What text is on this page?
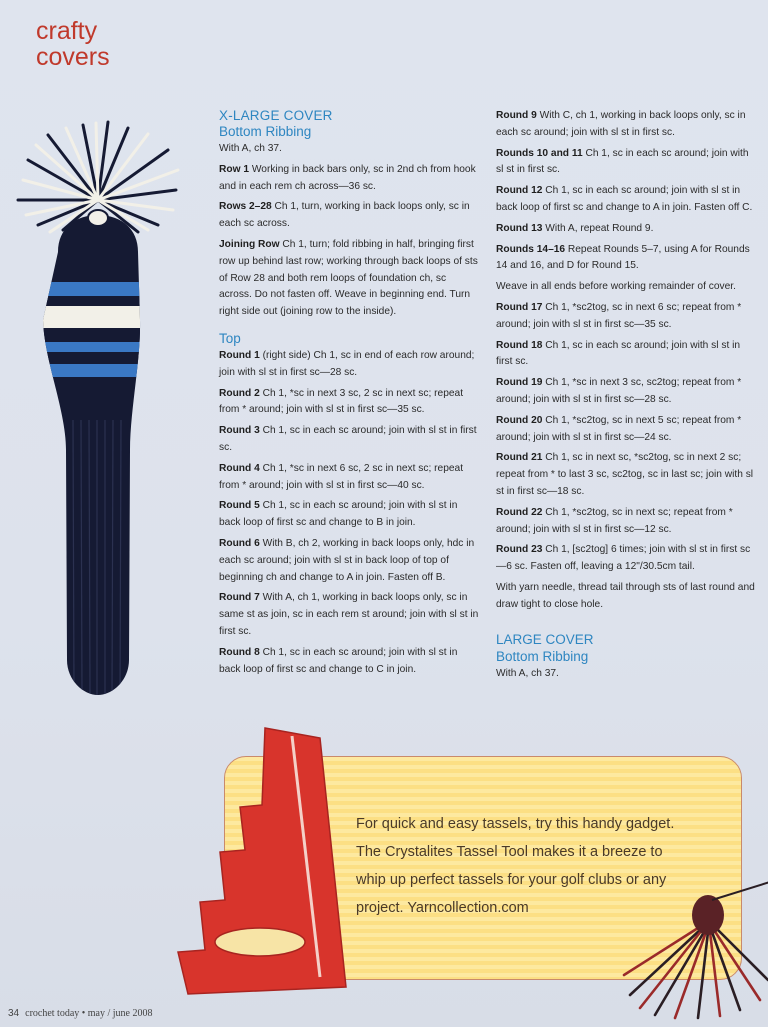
crafty
covers
X-LARGE COVER
Bottom Ribbing
With A, ch 37.
Row 1 Working in back bars only, sc in 2nd ch from hook and in each rem ch across—36 sc.
Rows 2–28 Ch 1, turn, working in back loops only, sc in each sc across.
Joining Row Ch 1, turn; fold ribbing in half, bringing first row up behind last row; working through back loops of sts of Row 28 and both rem loops of foundation ch, sc across. Do not fasten off. Weave in beginning end. Turn right side out (joining row to the inside).
Top
Round 1 (right side) Ch 1, sc in end of each row around; join with sl st in first sc—28 sc.
Round 2 Ch 1, *sc in next 3 sc, 2 sc in next sc; repeat from * around; join with sl st in first sc—35 sc.
Round 3 Ch 1, sc in each sc around; join with sl st in first sc.
Round 4 Ch 1, *sc in next 6 sc, 2 sc in next sc; repeat from * around; join with sl st in first sc—40 sc.
Round 5 Ch 1, sc in each sc around; join with sl st in back loop of first sc and change to B in join.
Round 6 With B, ch 2, working in back loops only, hdc in each sc around; join with sl st in back loop of top of beginning ch and change to A in join. Fasten off B.
Round 7 With A, ch 1, working in back loops only, sc in same st as join, sc in each rem st around; join with sl st in first sc.
Round 8 Ch 1, sc in each sc around; join with sl st in back loop of first sc and change to C in join.
Round 9 With C, ch 1, working in back loops only, sc in each sc around; join with sl st in first sc.
Rounds 10 and 11 Ch 1, sc in each sc around; join with sl st in first sc.
Round 12 Ch 1, sc in each sc around; join with sl st in back loop of first sc and change to A in join. Fasten off C.
Round 13 With A, repeat Round 9.
Rounds 14–16 Repeat Rounds 5–7, using A for Rounds 14 and 16, and D for Round 15.
Weave in all ends before working remainder of cover.
Round 17 Ch 1, *sc2tog, sc in next 6 sc; repeat from * around; join with sl st in first sc—35 sc.
Round 18 Ch 1, sc in each sc around; join with sl st in first sc.
Round 19 Ch 1, *sc in next 3 sc, sc2tog; repeat from * around; join with sl st in first sc—28 sc.
Round 20 Ch 1, *sc2tog, sc in next 5 sc; repeat from * around; join with sl st in first sc—24 sc.
Round 21 Ch 1, sc in next sc, *sc2tog, sc in next 2 sc; repeat from * to last 3 sc, sc2tog, sc in last sc; join with sl st in first sc—18 sc.
Round 22 Ch 1, *sc2tog, sc in next sc; repeat from * around; join with sl st in first sc—12 sc.
Round 23 Ch 1, [sc2tog] 6 times; join with sl st in first sc—6 sc. Fasten off, leaving a 12"/30.5cm tail.
With yarn needle, thread tail through sts of last round and draw tight to close hole.
LARGE COVER
Bottom Ribbing
With A, ch 37.
For quick and easy tassels, try this handy gadget. The Crystalites Tassel Tool makes it a breeze to whip up perfect tassels for your golf clubs or any project. Yarncollection.com
34 crochet today • may / june 2008
